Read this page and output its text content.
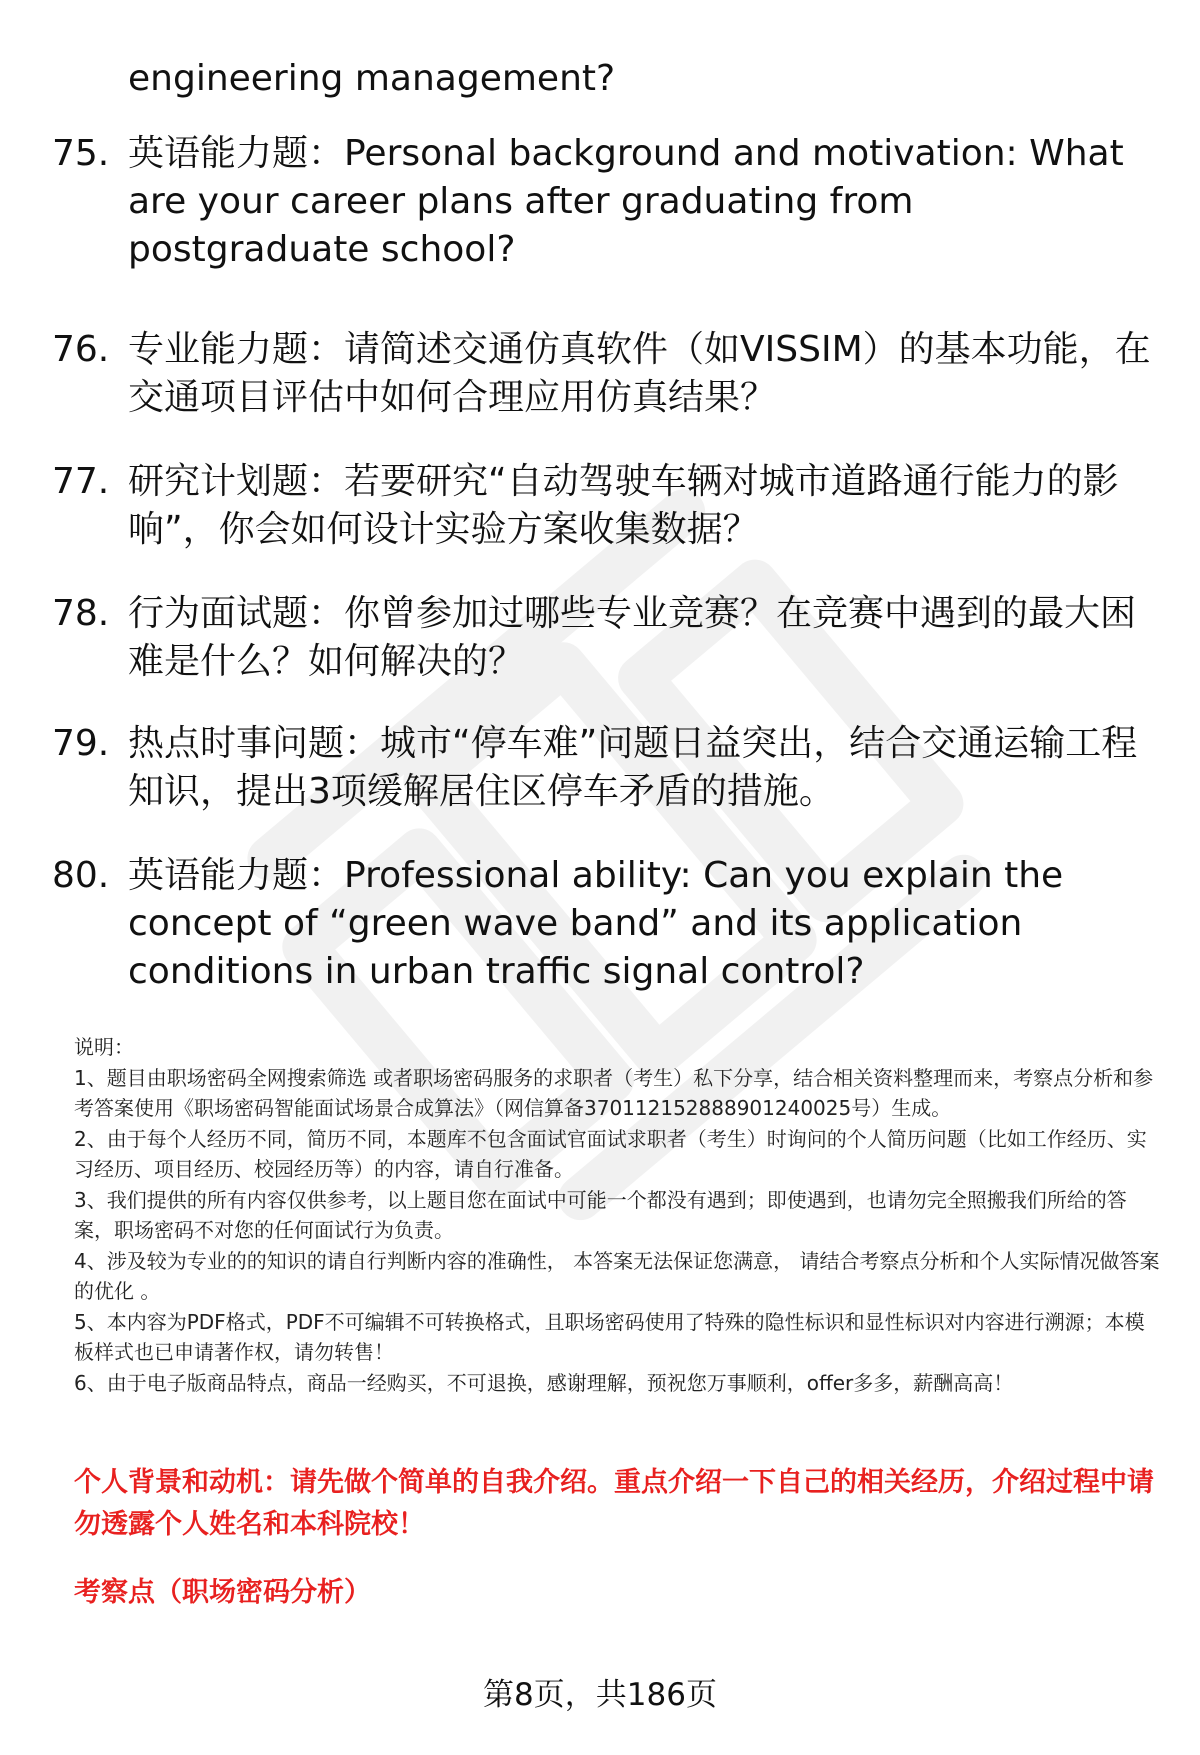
engineering management?
75. 英语能力题：Personal background and motivation: What are your career plans after graduating from postgraduate school?
76. 专业能力题：请简述交通仿真软件（如VISSIM）的基本功能，在交通项目评估中如何合理应用仿真结果？
77. 研究计划题：若要研究“自动驾驶车辆对城市道路通行能力的影响”，你会如何设计实验方案收集数据？
78. 行为面试题：你曾参加过哪些专业竞赛？在竞赛中遇到的最大困难是什么？如何解决的？
79. 热点时事问题：城市“停车难”问题日益突出，结合交通运输工程知识，提出3项缓解居住区停车矛盾的措施。
80. 英语能力题：Professional ability: Can you explain the concept of “green wave band” and its application conditions in urban traffic signal control?

说明：

1、题目由职场密码全网搜索筛选 或者职场密码服务的求职者（考生）私下分享，结合相关资料整理而来，考察点分析和参考答案使用《职场密码智能面试场景合成算法》（网信算备370112152888901240025号）生成。

2、由于每个人经历不同，简历不同，本题库不包含面试官面试求职者（考生）时询问的个人简历问题（比如工作经历、实习经历、项目经历、校园经历等）的内容，请自行准备。

3、我们提供的所有内容仅供参考，以上题目您在面试中可能一个都没有遇到；即使遇到，也请勿完全照搬我们所给的答案，职场密码不对您的任何面试行为负责。

4、涉及较为专业的的知识的请自行判断内容的准确性， 本答案无法保证您满意， 请结合考察点分析和个人实际情况做答案的优化 。

5、本内容为PDF格式，PDF不可编辑不可转换格式，且职场密码使用了特殊的隐性标识和显性标识对内容进行溯源；本模板样式也已申请著作权，请勿转售！

6、由于电子版商品特点，商品一经购买，不可退换，感谢理解，预祝您万事顺利，offer多多，薪酬高高！

个人背景和动机：请先做个简单的自我介绍。重点介绍一下自己的相关经历，介绍过程中请勿透露个人姓名和本科院校！
考察点（职场密码分析）
第8页，共186页
